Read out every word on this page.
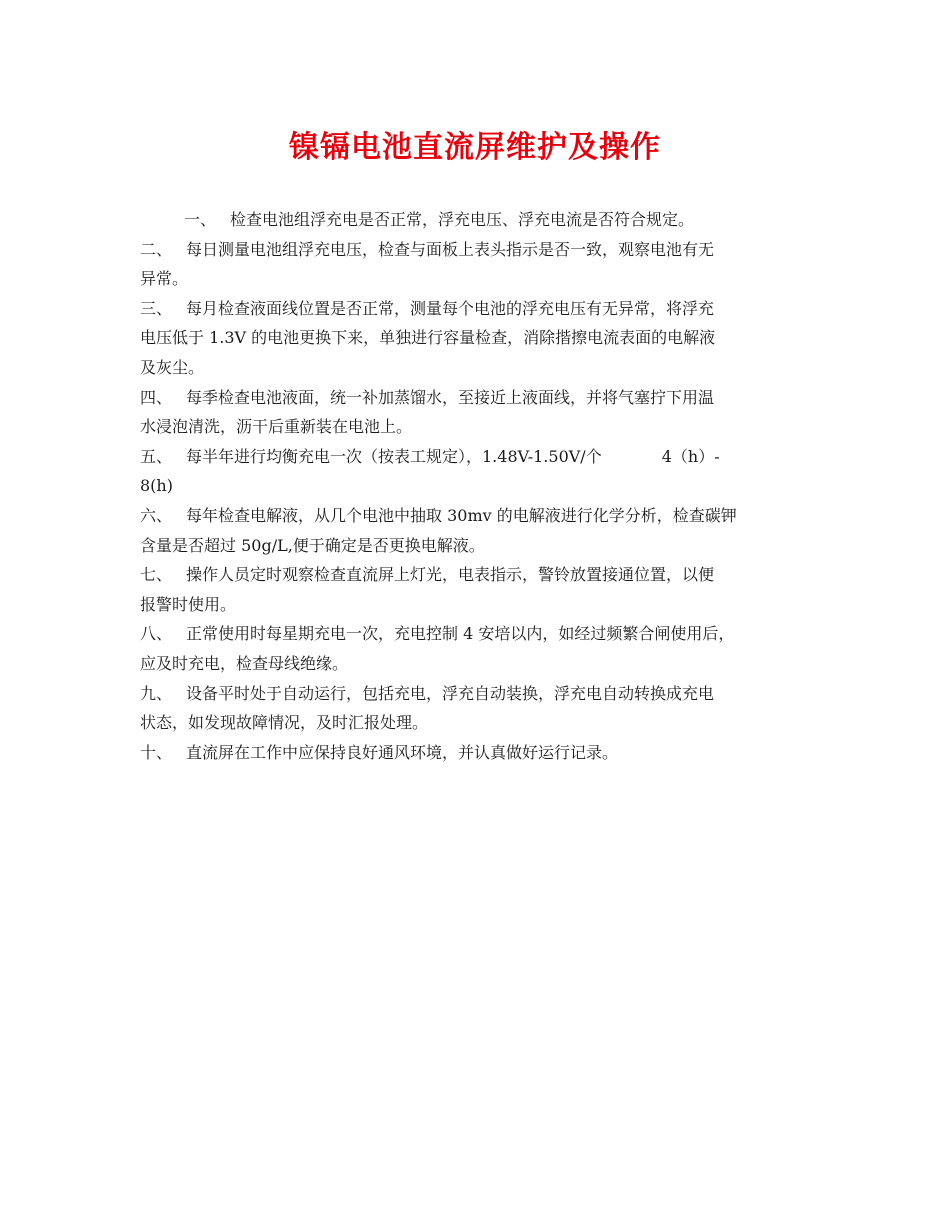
镍镉电池直流屏维护及操作

一、 检查电池组浮充电是否正常，浮充电压、浮充电流是否符合规定。

二、 每日测量电池组浮充电压，检查与面板上表头指示是否一致，观察电池有无
异常。

三、 每月检查液面线位置是否正常，测量每个电池的浮充电压有无异常，将浮充
电压低于 1.3V 的电池更换下来，单独进行容量检查，消除揩擦电流表面的电解液
及灰尘。

四、 每季检查电池液面，统一补加蒸馏水，至接近上液面线，并将气塞拧下用温
水浸泡清洗，沥干后重新装在电池上。

五、 每半年进行均衡充电一次（按表工规定），1.48V-1.50V/个	4（h）-
8(h)

六、 每年检查电解液，从几个电池中抽取 30mv 的电解液进行化学分析，检查碳钾
含量是否超过 50g/L,便于确定是否更换电解液。

七、 操作人员定时观察检查直流屏上灯光，电表指示，警铃放置接通位置，以便
报警时使用。

八、 正常使用时每星期充电一次，充电控制 4 安培以内，如经过频繁合闸使用后，
应及时充电，检查母线绝缘。

九、 设备平时处于自动运行，包括充电，浮充自动装换，浮充电自动转换成充电
状态，如发现故障情况，及时汇报处理。

十、 直流屏在工作中应保持良好通风环境，并认真做好运行记录。
